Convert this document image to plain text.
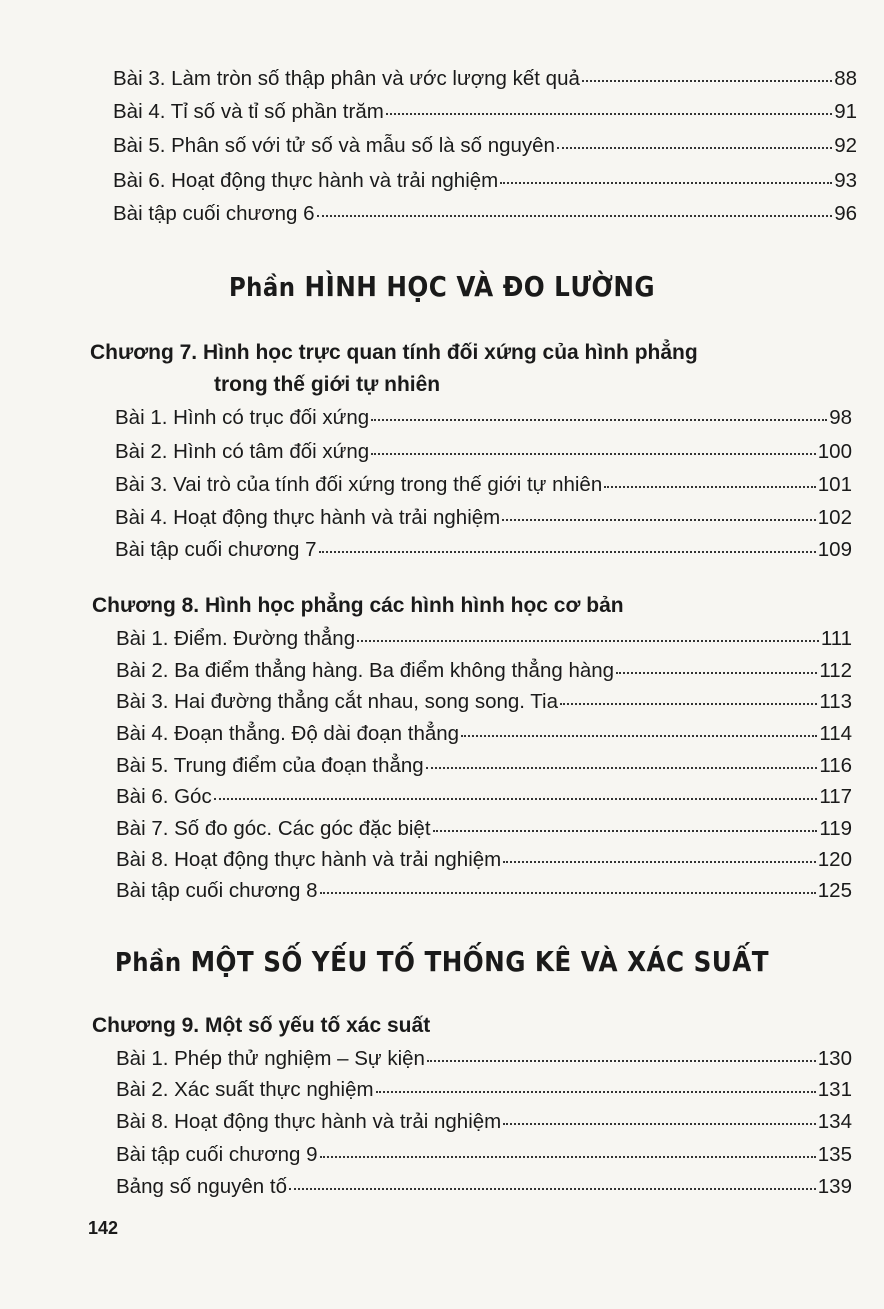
Bài 3. Làm tròn số thập phân và ước lượng kết quả	88
Bài 4. Tỉ số và tỉ số phần trăm	91
Bài 5. Phân số với tử số và mẫu số là số nguyên	92
Bài 6. Hoạt động thực hành và trải nghiệm	93
Bài tập cuối chương 6	96
Phần HÌNH HỌC VÀ ĐO LƯỜNG
Chương 7. Hình học trực quan tính đối xứng của hình phẳng
trong thế giới tự nhiên
Bài 1. Hình có trục đối xứng	98
Bài 2. Hình có tâm đối xứng	100
Bài 3. Vai trò của tính đối xứng trong thế giới tự nhiên	101
Bài 4. Hoạt động thực hành và trải nghiệm	102
Bài tập cuối chương 7	109
Chương 8. Hình học phẳng các hình hình học cơ bản
Bài 1. Điểm. Đường thẳng	111
Bài 2. Ba điểm thẳng hàng. Ba điểm không thẳng hàng	112
Bài 3. Hai đường thẳng cắt nhau, song song. Tia	113
Bài 4. Đoạn thẳng. Độ dài đoạn thẳng	114
Bài 5. Trung điểm của đoạn thẳng	116
Bài 6. Góc	117
Bài 7. Số đo góc. Các góc đặc biệt	119
Bài 8. Hoạt động thực hành và trải nghiệm	120
Bài tập cuối chương 8	125
Phần MỘT SỐ YẾU TỐ THỐNG KÊ VÀ XÁC SUẤT
Chương 9. Một số yếu tố xác suất
Bài 1. Phép thử nghiệm – Sự kiện	130
Bài 2. Xác suất thực nghiệm	131
Bài 8. Hoạt động thực hành và trải nghiệm	134
Bài tập cuối chương 9	135
Bảng số nguyên tố	139
142
